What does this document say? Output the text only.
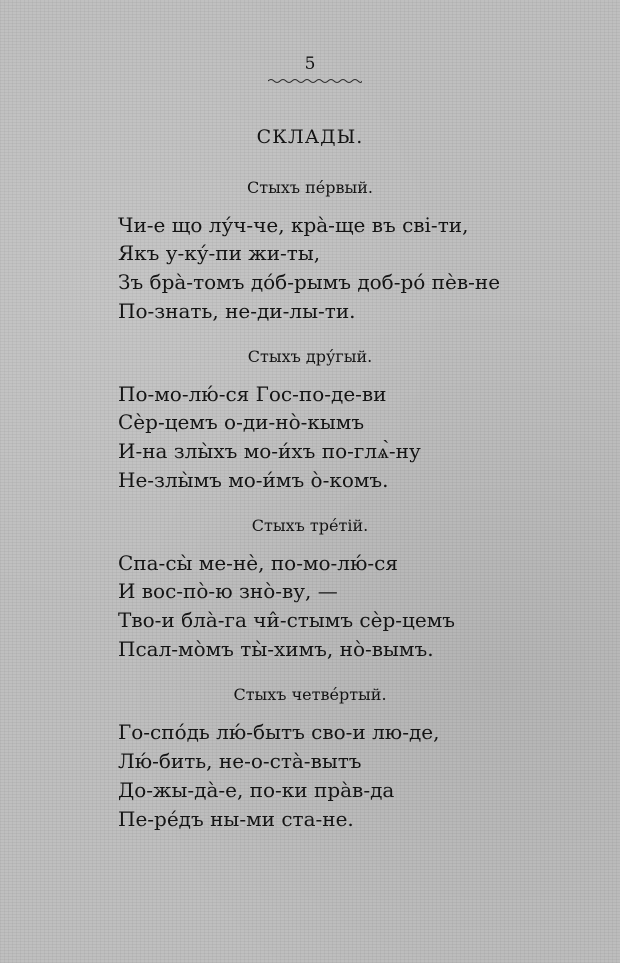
5
СКЛАДЫ.
Стыхъ пе́рвый.
Чи-е що лу́ч-че, кра̀-ще въ сві-ти,
Якъ у-ку́-пи жи-ты,
Зъ бра̀-томъ до́б-рымъ доб-ро́ пѐв-не
По-знать, не-ди-лы-ти.
Стыхъ дру́гый.
По-мо-лю́-ся Гос-по-де-ви
Сѐр-цемъ о-ди-нò-кымъ
И-на злы̀хъ мо-и́хъ по-глѧ̀-ну
Не-злы̀мъ мо-и́мъ ò-комъ.
Стыхъ тре́тій.
Спа-сы̀ ме-нѐ, по-мо-лю́-ся
И вос-пò-ю знò-ву, —
Тво-и бла̀-га чи̂-стымъ сѐр-цемъ
Псал-мòмъ ты̀-химъ, нò-вымъ.
Стыхъ четве́ртый.
Го-спо́дь лю́-бытъ сво-и лю-де,
Лю́-бить, не-о-ста̀-вытъ
До-жы-да̀-е, по-ки пра̀в-да
Пе-ре́дъ ны-ми ста-не.
